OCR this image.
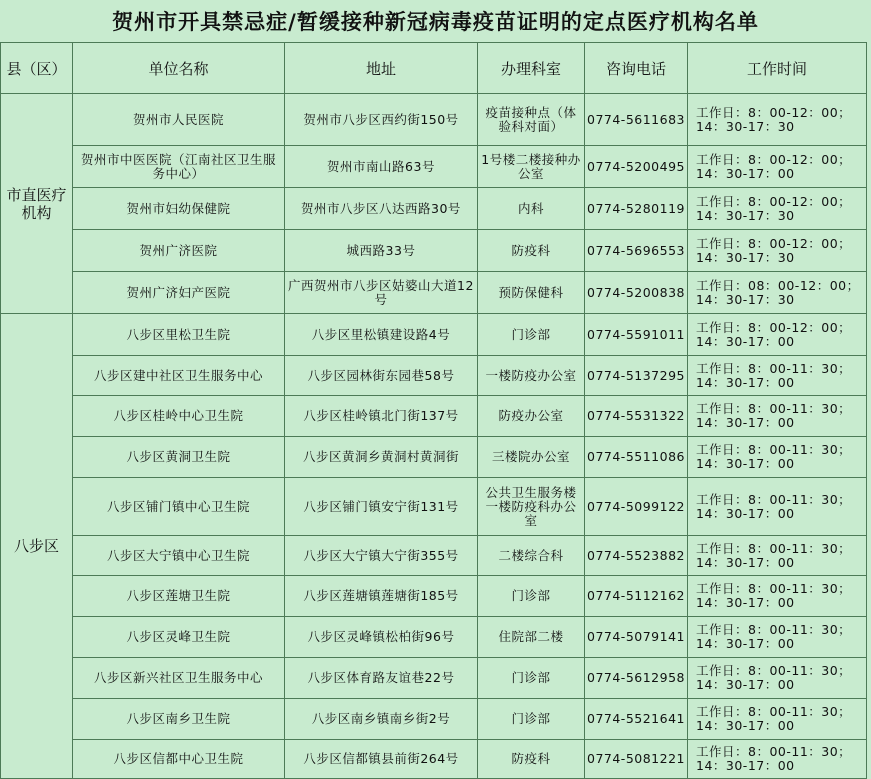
贺州市开具禁忌症/暂缓接种新冠病毒疫苗证明的定点医疗机构名单
县（区）	单位名称	地址	办理科室	咨询电话	工作时间
市直医疗机构	贺州市人民医院	贺州市八步区西约街150号	疫苗接种点（体验科对面）	0774-5611683	工作日：8：00-12：00；14：30-17：30

	贺州市中医医院（江南社区卫生服务中心）	贺州市南山路63号	1号楼二楼接种办公室	0774-5200495	工作日：8：00-12：00；14：30-17：00

	贺州市妇幼保健院	贺州市八步区八达西路30号	内科	0774-5280119	工作日：8：00-12：00；14：30-17：30

	贺州广济医院	城西路33号	防疫科	0774-5696553	工作日：8：00-12：00；14：30-17：30

	贺州广济妇产医院	广西贺州市八步区姑婆山大道12号	预防保健科	0774-5200838	工作日：08：00-12：00；14：30-17：30

八步区	八步区里松卫生院	八步区里松镇建设路4号	门诊部	0774-5591011	工作日：8：00-12：00；14：30-17：00

	八步区建中社区卫生服务中心	八步区园林街东园巷58号	一楼防疫办公室	0774-5137295	工作日：8：00-11：30；14：30-17：00

	八步区桂岭中心卫生院	八步区桂岭镇北门街137号	防疫办公室	0774-5531322	工作日：8：00-11：30；14：30-17：00

	八步区黄洞卫生院	八步区黄洞乡黄洞村黄洞街	三楼院办公室	0774-5511086	工作日：8：00-11：30；14：30-17：00

	八步区铺门镇中心卫生院	八步区铺门镇安宁街131号	公共卫生服务楼一楼防疫科办公室	0774-5099122	工作日：8：00-11：30；14：30-17：00

	八步区大宁镇中心卫生院	八步区大宁镇大宁街355号	二楼综合科	0774-5523882	工作日：8：00-11：30；14：30-17：00

	八步区莲塘卫生院	八步区莲塘镇莲塘街185号	门诊部	0774-5112162	工作日：8：00-11：30；14：30-17：00

	八步区灵峰卫生院	八步区灵峰镇松柏街96号	住院部二楼	0774-5079141	工作日：8：00-11：30；14：30-17：00

	八步区新兴社区卫生服务中心	八步区体育路友谊巷22号	门诊部	0774-5612958	工作日：8：00-11：30；14：30-17：00

	八步区南乡卫生院	八步区南乡镇南乡街2号	门诊部	0774-5521641	工作日：8：00-11：30；14：30-17：00

	八步区信都中心卫生院	八步区信都镇县前街264号	防疫科	0774-5081221	工作日：8：00-11：30；14：30-17：00
